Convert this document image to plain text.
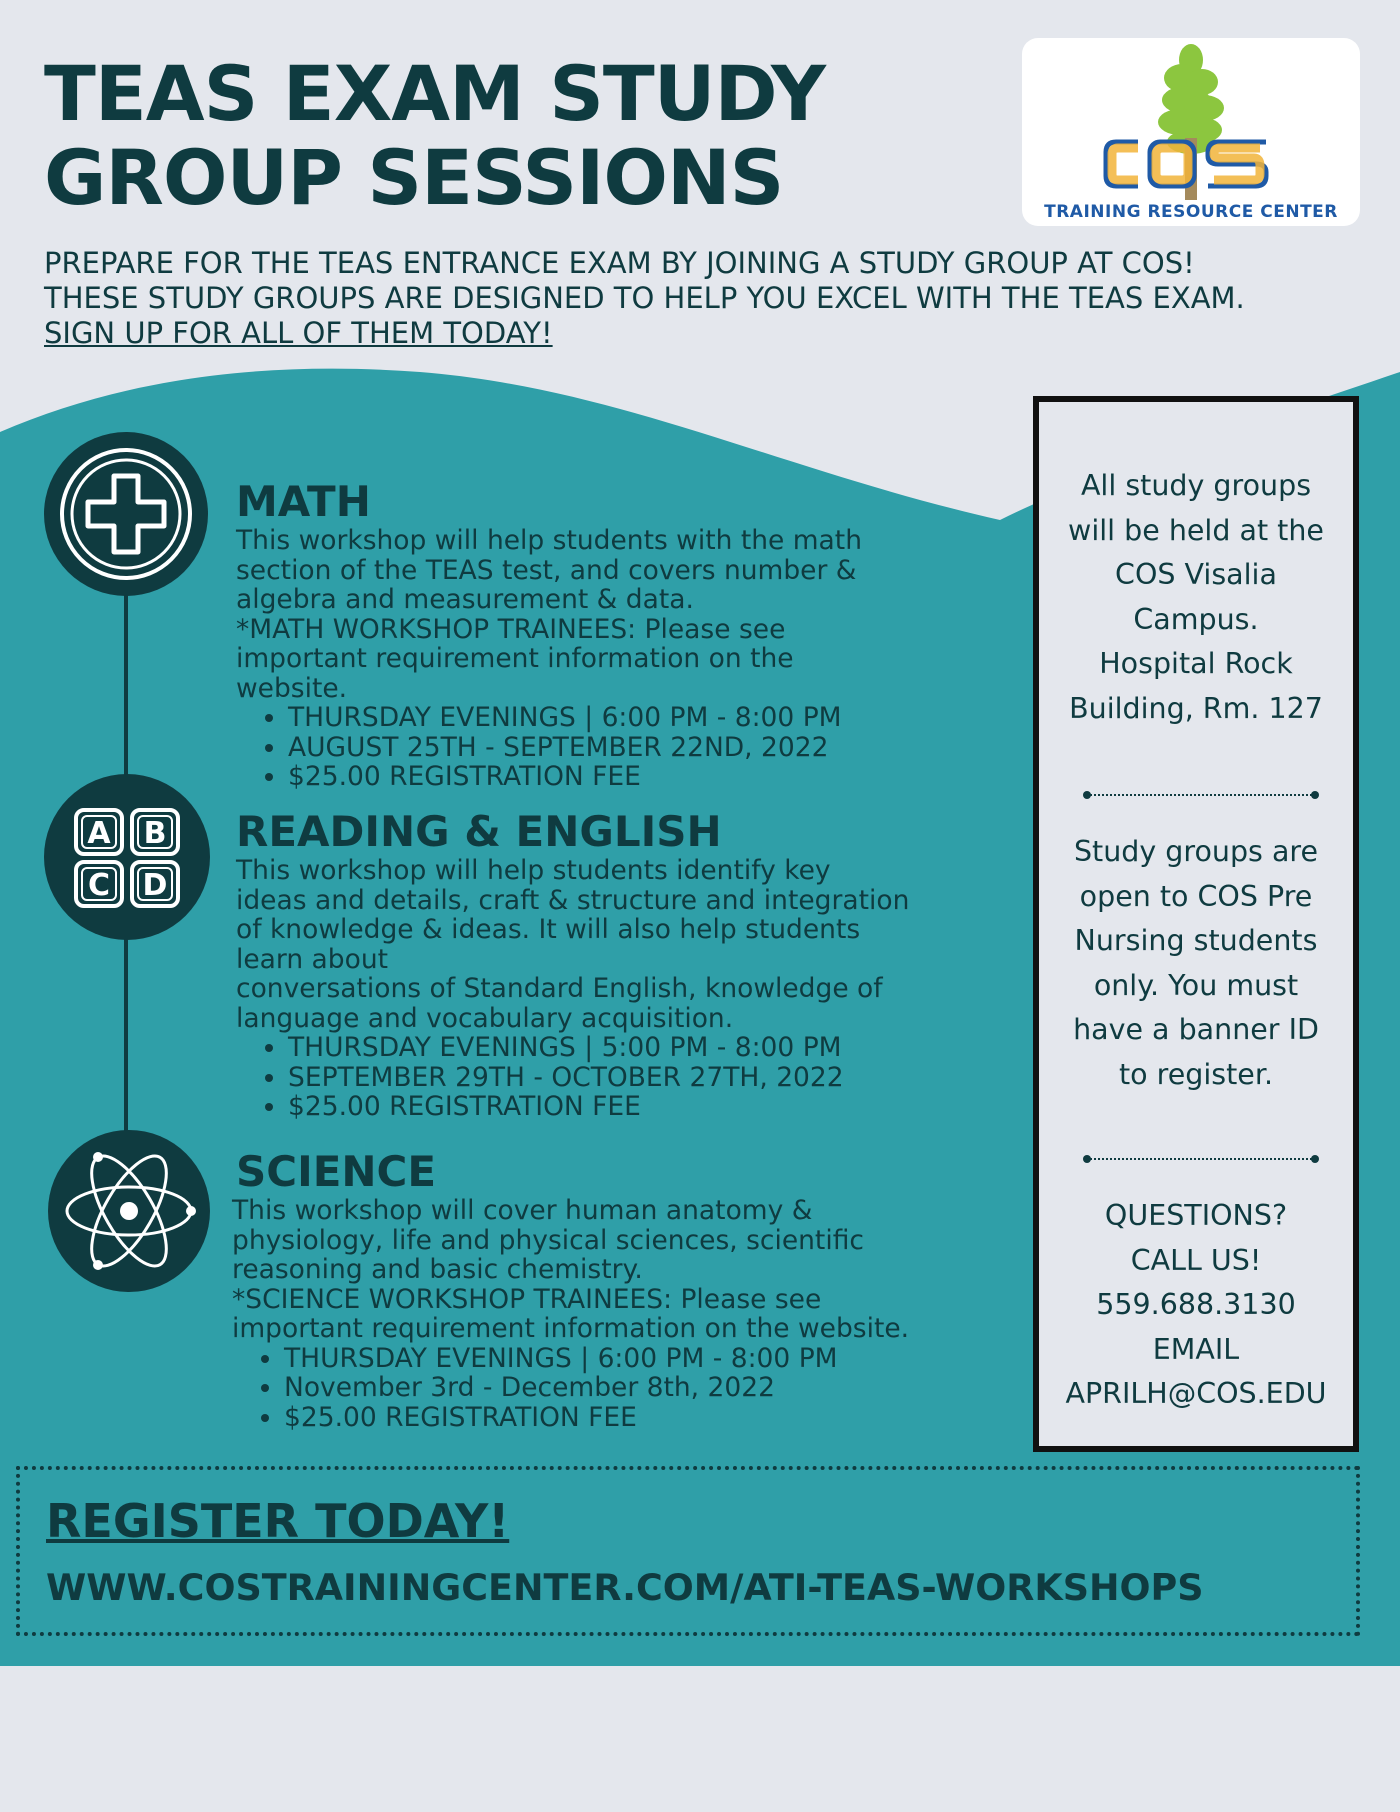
TEAS EXAM STUDY
GROUP SESSIONS	TRAINING RESOURCE CENTER

PREPARE FOR THE TEAS ENTRANCE EXAM BY JOINING A STUDY GROUP AT COS! THESE STUDY GROUPS ARE DESIGNED TO HELP YOU EXCEL WITH THE TEAS EXAM. SIGN UP FOR ALL OF THEM TODAY!

A B
C D
MATH

This workshop will help students with the math
section of the TEAS test, and covers number &
algebra and measurement & data.
*MATH WORKSHOP TRAINEES: Please see
important requirement information on the
website.

• THURSDAY EVENINGS | 6:00 PM - 8:00 PM
• AUGUST 25TH - SEPTEMBER 22ND, 2022
• $25.00 REGISTRATION FEE
READING & ENGLISH

This workshop will help students identify key
ideas and details, craft & structure and integration
of knowledge & ideas. It will also help students
learn about
conversations of Standard English, knowledge of
language and vocabulary acquisition.

• THURSDAY EVENINGS | 5:00 PM - 8:00 PM
• SEPTEMBER 29TH - OCTOBER 27TH, 2022
• $25.00 REGISTRATION FEE
SCIENCE

This workshop will cover human anatomy &
physiology, life and physical sciences, scientific
reasoning and basic chemistry.
*SCIENCE WORKSHOP TRAINEES: Please see
important requirement information on the website.

• THURSDAY EVENINGS | 6:00 PM - 8:00 PM
• November 3rd - December 8th, 2022
• $25.00 REGISTRATION FEE

All study groups
will be held at the
COS Visalia
Campus.
Hospital Rock
Building, Rm. 127

Study groups are
open to COS Pre
Nursing students
only. You must
have a banner ID
to register.

QUESTIONS?
CALL US!
559.688.3130
EMAIL
APRILH@COS.EDU

REGISTER TODAY!

WWW.COSTRAININGCENTER.COM/ATI-TEAS-WORKSHOPS
